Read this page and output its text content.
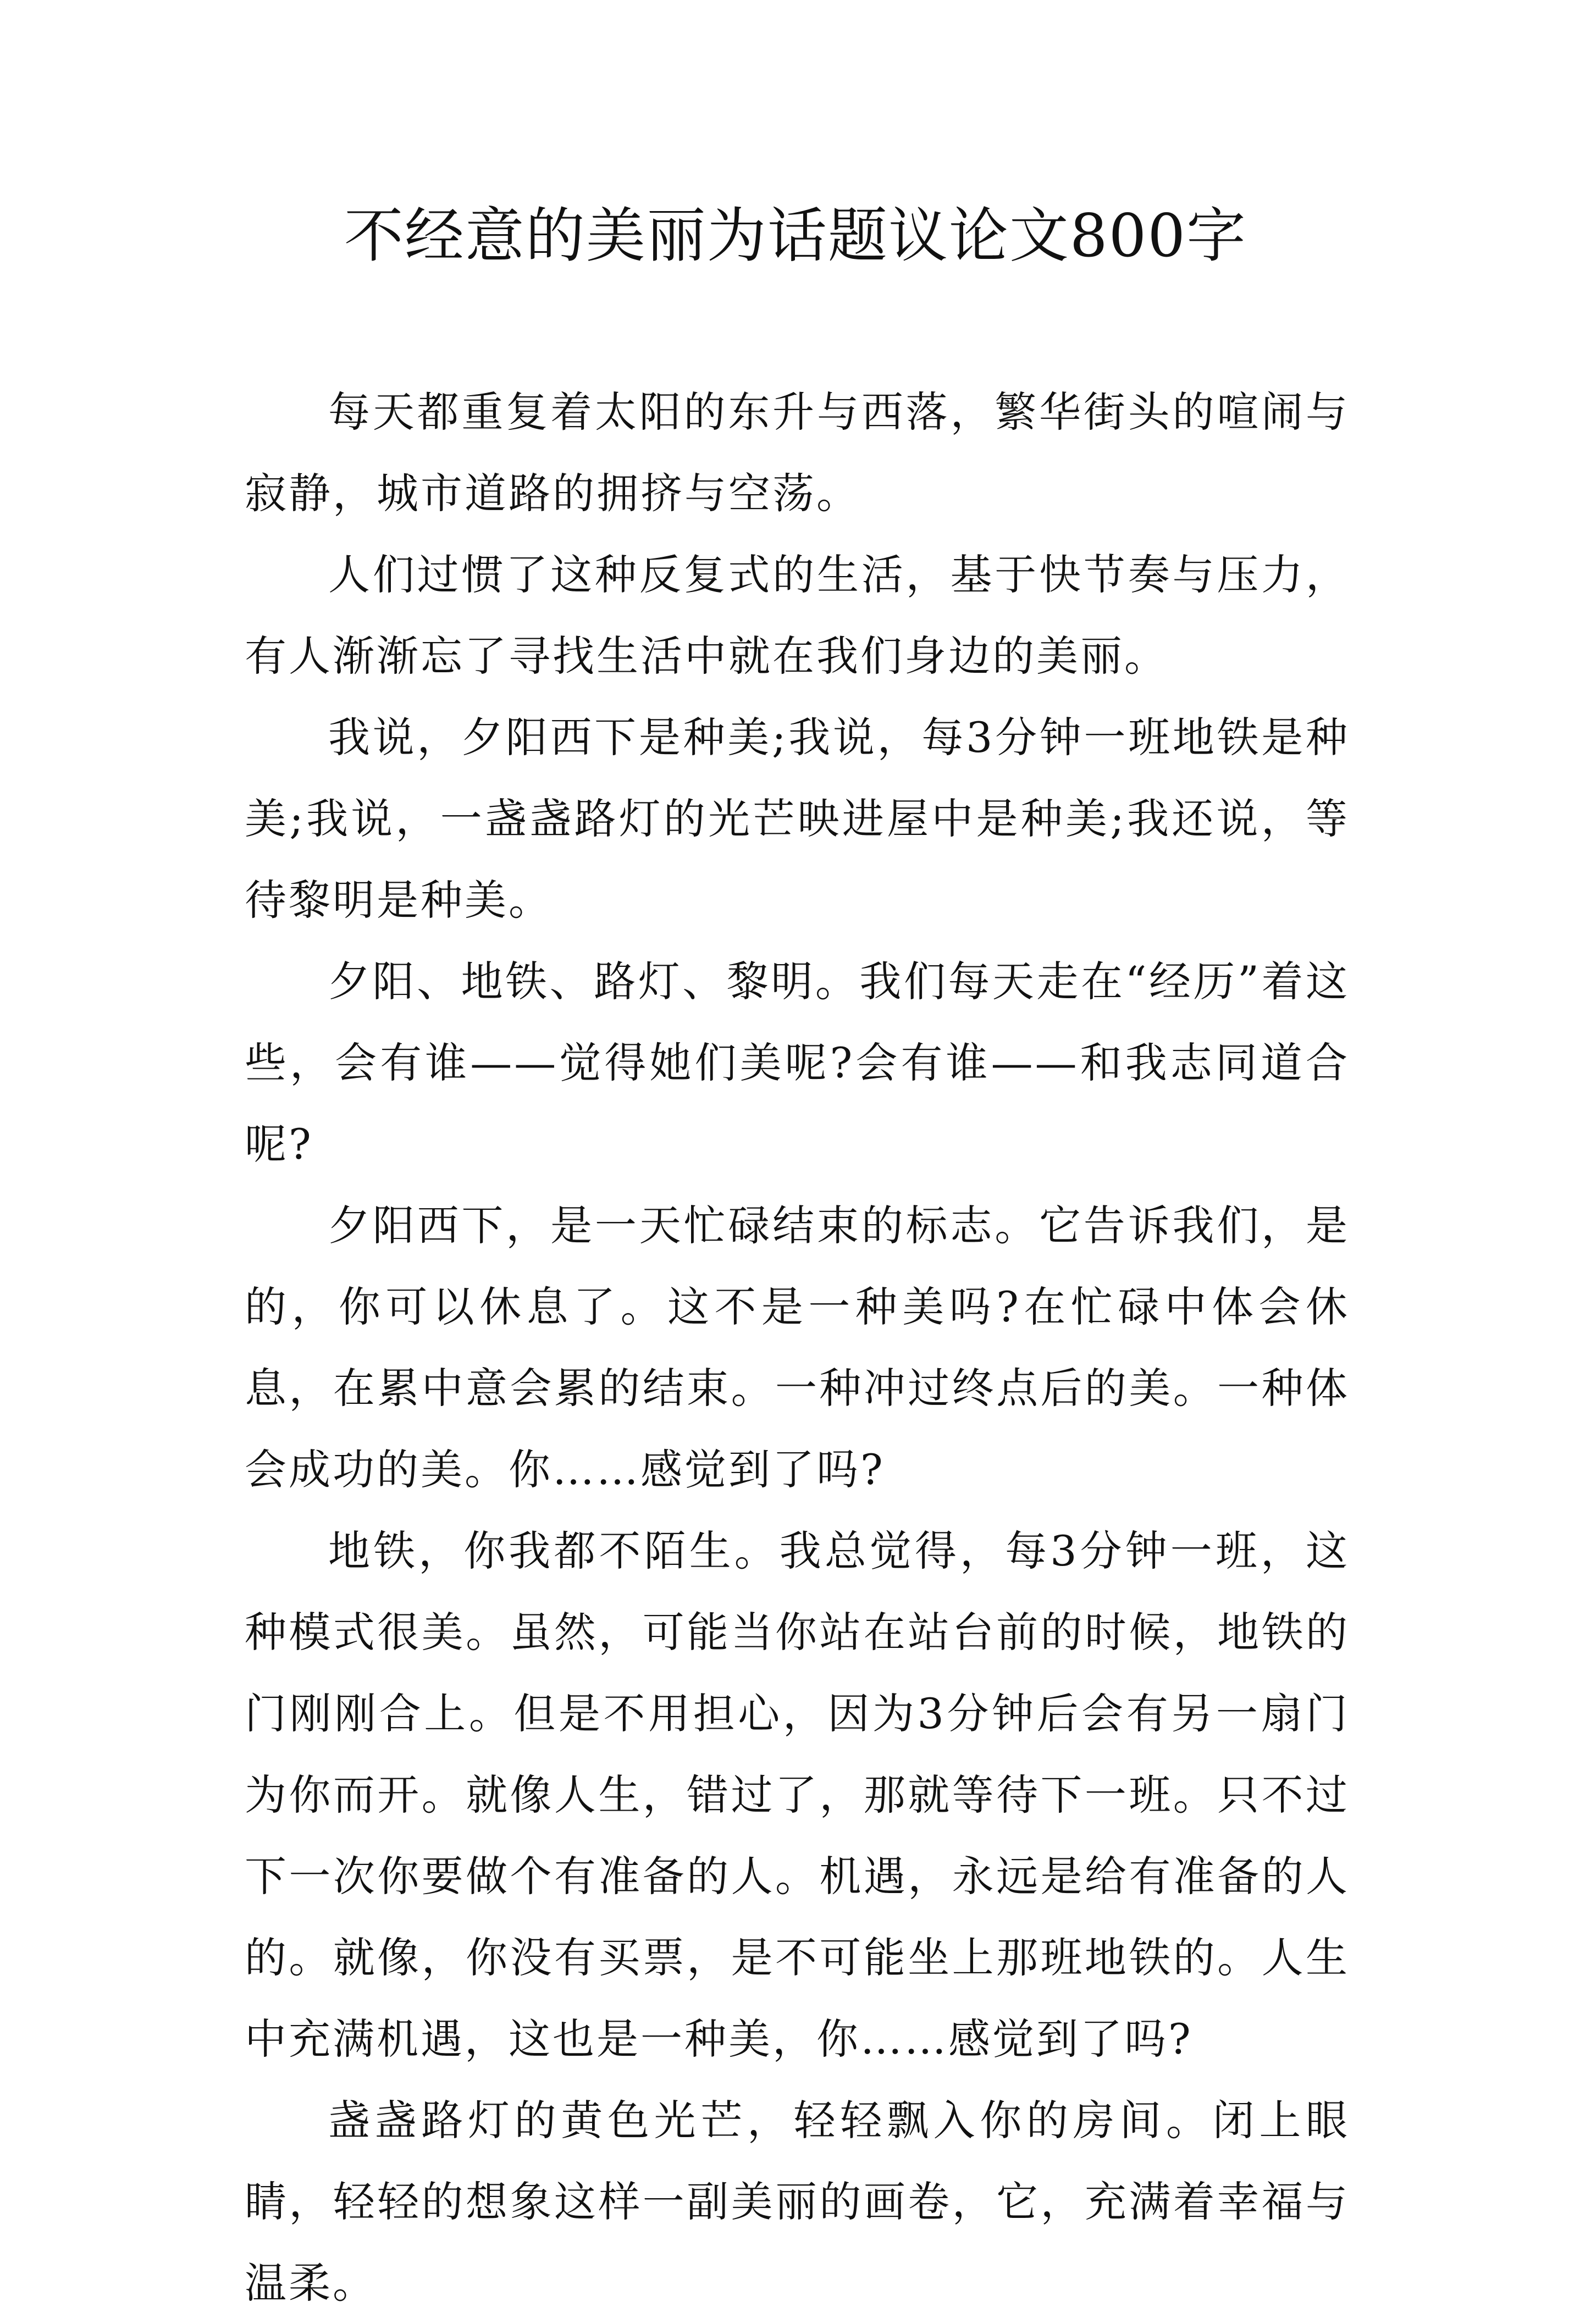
不经意的美丽为话题议论文800字

每天都重复着太阳的东升与西落，繁华街头的喧闹与寂静，城市道路的拥挤与空荡。

人们过惯了这种反复式的生活，基于快节奏与压力，有人渐渐忘了寻找生活中就在我们身边的美丽。

我说，夕阳西下是种美;我说，每3分钟一班地铁是种美;我说，一盏盏路灯的光芒映进屋中是种美;我还说，等待黎明是种美。

夕阳、地铁、路灯、黎明。我们每天走在“经历”着这些，会有谁——觉得她们美呢?会有谁——和我志同道合呢?

夕阳西下，是一天忙碌结束的标志。它告诉我们，是的，你可以休息了。这不是一种美吗?在忙碌中体会休息，在累中意会累的结束。一种冲过终点后的美。一种体会成功的美。你……感觉到了吗?

地铁，你我都不陌生。我总觉得，每3分钟一班，这种模式很美。虽然，可能当你站在站台前的时候，地铁的门刚刚合上。但是不用担心，因为3分钟后会有另一扇门为你而开。就像人生，错过了，那就等待下一班。只不过下一次你要做个有准备的人。机遇，永远是给有准备的人的。就像，你没有买票，是不可能坐上那班地铁的。人生中充满机遇，这也是一种美，你……感觉到了吗?

盏盏路灯的黄色光芒，轻轻飘入你的房间。闭上眼睛，轻轻的想象这样一副美丽的画卷，它，充满着幸福与温柔。
